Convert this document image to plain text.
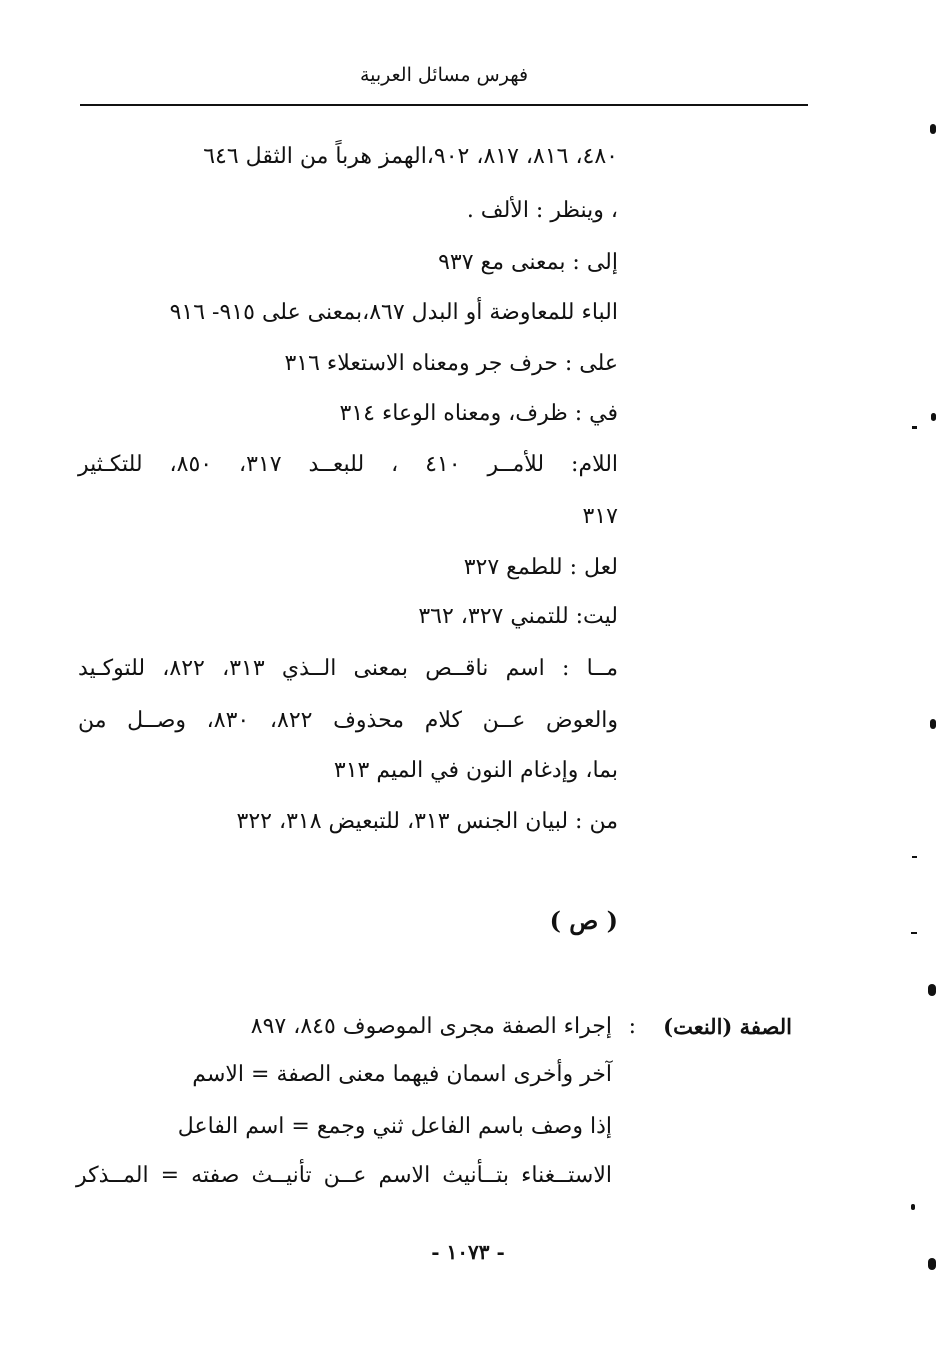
فهرس مسائل العربية
٤٨٠، ٨١٦، ٨١٧، ٩٠٢،الهمز هرباً من الثقل ٦٤٦
، وينظر : الألف .
إلى : بمعنى مع ٩٣٧
الباء للمعاوضة أو البدل ٨٦٧،بمعنى على ٩١٥- ٩١٦
على : حرف جر ومعناه الاستعلاء ٣١٦
في : ظرف، ومعناه الوعاء ٣١٤
اللام: للأمــر ٤١٠ ، للبعــد ٣١٧، ٨٥٠، للتكـثير
٣١٧
لعل : للطمع ٣٢٧
ليت: للتمني ٣٢٧، ٣٦٢
مــا : اسم ناقــص بمعنى الــذي ٣١٣، ٨٢٢، للتوكـيد
والعوض عــن كلام محذوف ٨٢٢، ٨٣٠، وصــل من
بما، وإدغام النون في الميم ٣١٣
من : لبيان الجنس ٣١٣، للتبعيض ٣١٨، ٣٢٢
( ص )
الصفة (النعت)
:
إجراء الصفة مجرى الموصوف ٨٤٥، ٨٩٧
آخر وأخرى اسمان فيهما معنى الصفة = الاسم
إذا وصف باسم الفاعل ثني وجمع = اسم الفاعل
الاستــغناء بتــأنيث الاسم عــن تأنيــث صفته = المــذكر
- ١٠٧٣ -
